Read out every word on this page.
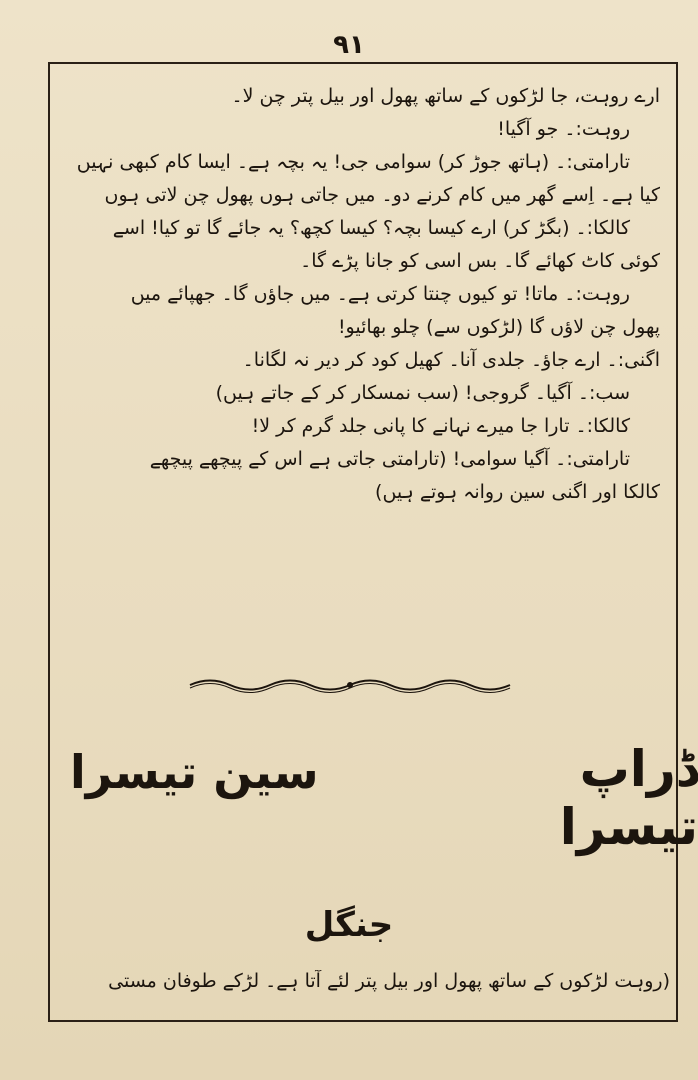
۹۱
ارے روہت، جا لڑکوں کے ساتھ پھول اور بیل پتر چن لا۔
روہت:۔ جو آگیا!
تارامتی:۔ (ہاتھ جوڑ کر) سوامی جی! یہ بچہ ہے۔ ایسا کام کبھی نہیں
کیا ہے۔ اِسے گھر میں کام کرنے دو۔ میں جاتی ہوں پھول چن لاتی ہوں
کالکا:۔ (بگڑ کر) ارے کیسا بچہ؟ کیسا کچھ؟ یہ جائے گا تو کیا! اسے
کوئی کاٹ کھائے گا۔ بس اسی کو جانا پڑے گا۔
روہت:۔ ماتا! تو کیوں چنتا کرتی ہے۔ میں جاؤں گا۔ جھپائے میں
پھول چن لاؤں گا (لڑکوں سے) چلو بھائیو!
اگنی:۔ ارے جاؤ۔ جلدی آنا۔ کھیل کود کر دیر نہ لگانا۔
سب:۔ آگیا۔ گروجی! (سب نمسکار کر کے جاتے ہیں)
کالکا:۔ تارا جا میرے نہانے کا پانی جلد گرم کر لا!
تارامتی:۔ آگیا سوامی! (تارامتی جاتی ہے اس کے پیچھے پیچھے
کالکا اور اگنی سین روانہ ہوتے ہیں)
سین تیسرا	ڈراپ تیسرا
جنگل
(روہت لڑکوں کے ساتھ پھول اور بیل پتر لئے آتا ہے۔ لڑکے طوفان مستی
